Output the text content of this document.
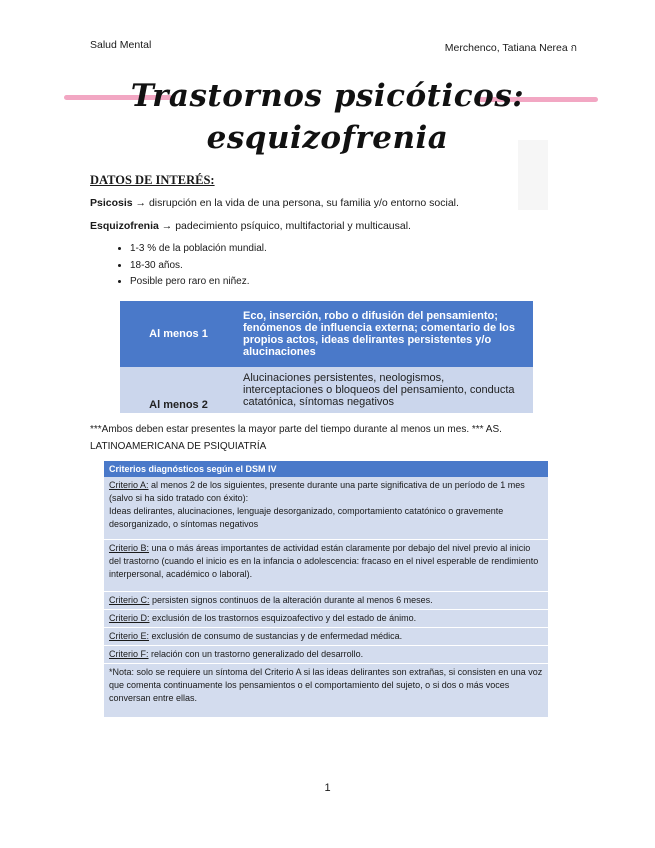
Salud Mental	Merchenco, Tatiana Nerea ก
Trastornos psicóticos:
esquizofrenia
DATOS DE INTERÉS:
Psicosis → disrupción en la vida de una persona, su familia y/o entorno social.
Esquizofrenia → padecimiento psíquico, multifactorial y multicausal.
• 1-3 % de la población mundial.
• 18-30 años.
• Posible pero raro en niñez.
Al menos 1	Eco, inserción, robo o difusión del pensamiento; fenómenos de influencia externa; comentario de los propios actos, ideas delirantes persistentes y/o alucinaciones
Al menos 2	Alucinaciones persistentes, neologismos, interceptaciones o bloqueos del pensamiento, conducta catatónica, síntomas negativos
***Ambos deben estar presentes la mayor parte del tiempo durante al menos un mes. *** AS. LATINOAMERICANA DE PSIQUIATRÍA
Criterios diagnósticos según el DSM IV
Criterio A: al menos 2 de los siguientes, presente durante una parte significativa de un período de 1 mes (salvo si ha sido tratado con éxito):
Ideas delirantes, alucinaciones, lenguaje desorganizado, comportamiento catatónico o gravemente desorganizado, o síntomas negativos
Criterio B: una o más áreas importantes de actividad están claramente por debajo del nivel previo al inicio del trastorno (cuando el inicio es en la infancia o adolescencia: fracaso en el nivel esperable de rendimiento interpersonal, académico o laboral).
Criterio C: persisten signos continuos de la alteración durante al menos 6 meses.
Criterio D: exclusión de los trastornos esquizoafectivo y del estado de ánimo.
Criterio E: exclusión de consumo de sustancias y de enfermedad médica.
Criterio F: relación con un trastorno generalizado del desarrollo.
*Nota: solo se requiere un síntoma del Criterio A si las ideas delirantes son extrañas, si consisten en una voz que comenta continuamente los pensamientos o el comportamiento del sujeto, o si dos o más voces conversan entre ellas.
1
